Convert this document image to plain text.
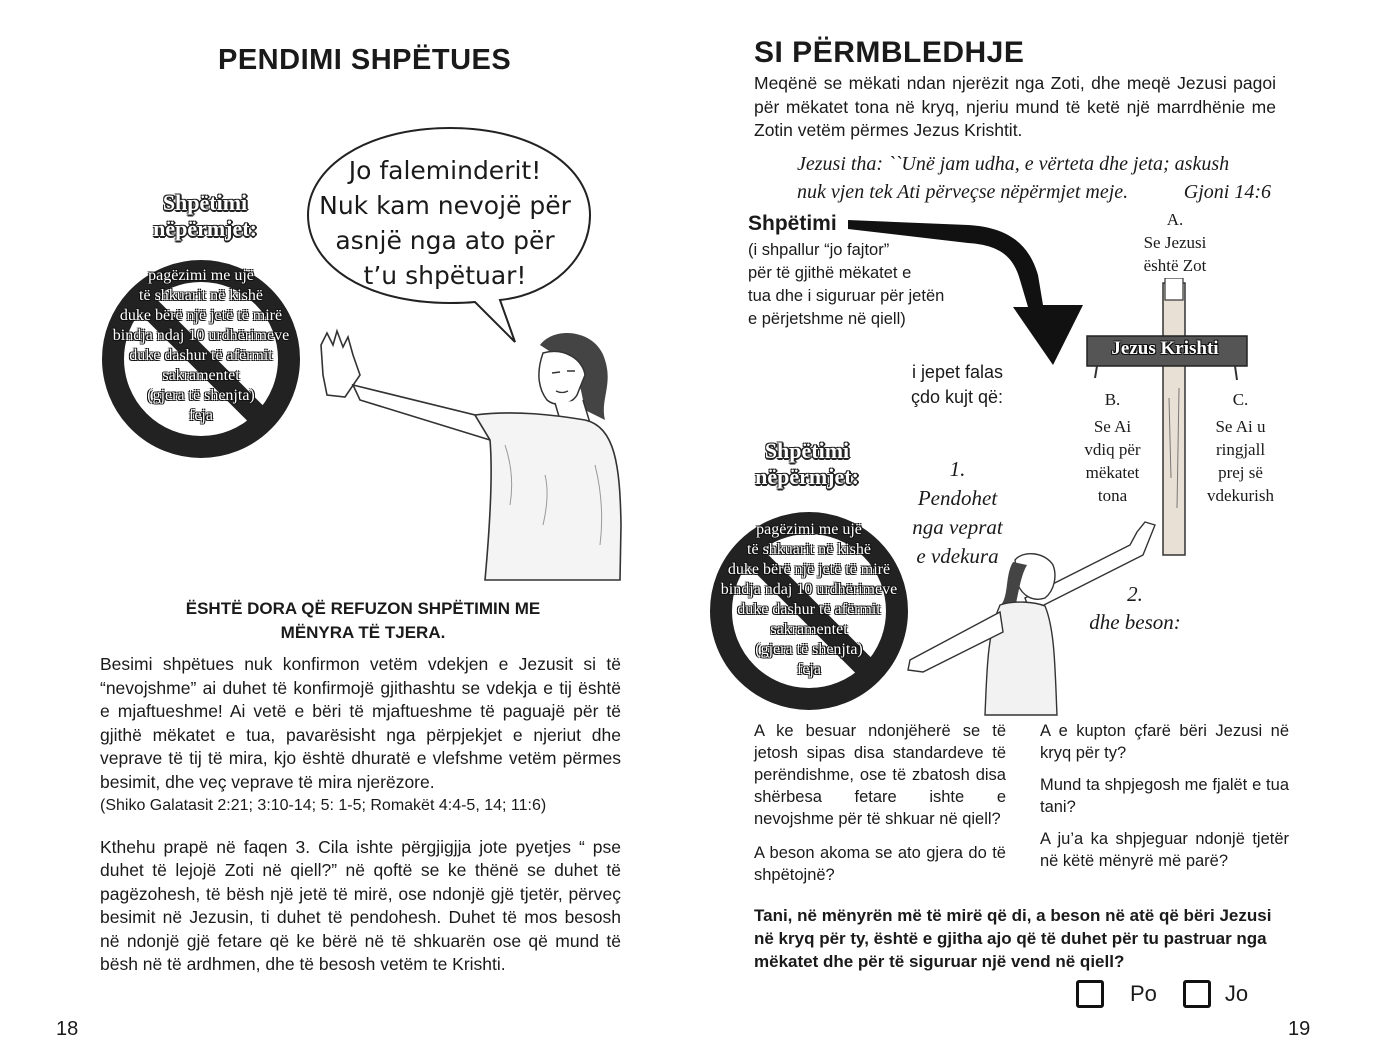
PENDIMI SHPËTUES
Jo faleminderit!
Nuk kam nevojë për
asnjë nga ato për
t’u shpëtuar!
Shpëtimi
nëpërmjet:
pagëzimi me ujë
të shkuarit në kishë
duke bërë një jetë të mirë
bindja ndaj 10 urdhërimeve
duke dashur të afërmit
sakramentet
(gjera të shenjta)
feja
ËSHTË DORA QË REFUZON SHPËTIMIN ME
MËNYRA TË TJERA.

Besimi shpëtues nuk konfirmon vetëm vdekjen e Jezusit si të “nevojshme” ai duhet të konfirmojë gjithashtu se vdekja e tij është e mjaftueshme! Ai vetë e bëri të mjaftueshme të paguajë për të gjithë mëkatet e tua, pavarësisht nga përpjekjet e njeriut dhe veprave të tij të mira, kjo është dhuratë e vlefshme vetëm përmes besimit, dhe veç veprave të mira njerëzore.

(Shiko Galatasit 2:21; 3:10-14; 5: 1-5; Romakët 4:4-5, 14; 11:6)

Kthehu prapë në faqen 3. Cila ishte përgjigjja jote pyetjes “ pse duhet të lejojë Zoti në qiell?” në qoftë se ke thënë se duhet të pagëzohesh, të bësh një jetë të mirë, ose ndonjë gjë tjetër, përveç besimit në Jezusin, ti duhet të pendohesh. Duhet të mos besosh në ndonjë gjë fetare që ke bërë në të shkuarën ose që mund të bësh në të ardhmen, dhe të besosh vetëm te Krishti.

18
SI PËRMBLEDHJE
Meqënë se mëkati ndan njerëzit nga Zoti, dhe meqë Jezusi pagoi për mëkatet tona në kryq, njeriu mund të ketë një marrdhënie me Zotin vetëm përmes Jezus Krishtit.
Jezusi tha: ``Unë jam udha, e vërteta dhe jeta; askush
nuk vjen tek Ati përveçse nëpërmjet meje.	Gjoni 14:6
Shpëtimi
(i shpallur “jo fajtor”
për të gjithë mëkatet e
tua dhe i siguruar për jetën
e përjetshme në qiell)
i jepet falas
çdo kujt që:
A.
Se Jezusi
është Zot
Jezus Krishti
B.
Se Ai
vdiq për
mëkatet
tona
C.
Se Ai u
ringjall
prej së
vdekurish
1.
Pendohet
nga veprat
e vdekura
2.
dhe beson:
Shpëtimi
nëpërmjet:
pagëzimi me ujë
të shkuarit në kishë
duke bërë një jetë të mirë
bindja ndaj 10 urdhërimeve
duke dashur të afërmit
sakramentet
(gjera të shenjta)
feja

A ke besuar ndonjëherë se të jetosh sipas disa standardeve të perëndishme, ose të zbatosh disa shërbesa fetare ishte e nevojshme për të shkuar në qiell?

A beson akoma se ato gjera do të shpëtojnë?

A e kupton çfarë bëri Jezusi në kryq për ty?

Mund ta shpjegosh me fjalët e tua tani?

A ju’a ka shpjeguar ndonjë tjetër në këtë mënyrë më parë?

Tani, në mënyrën më të mirë që di, a beson në atë që bëri Jezusi në kryq për ty, është e gjitha ajo që të duhet për tu pastruar nga mëkatet dhe për të siguruar një vend në qiell?
Po	Jo
19
